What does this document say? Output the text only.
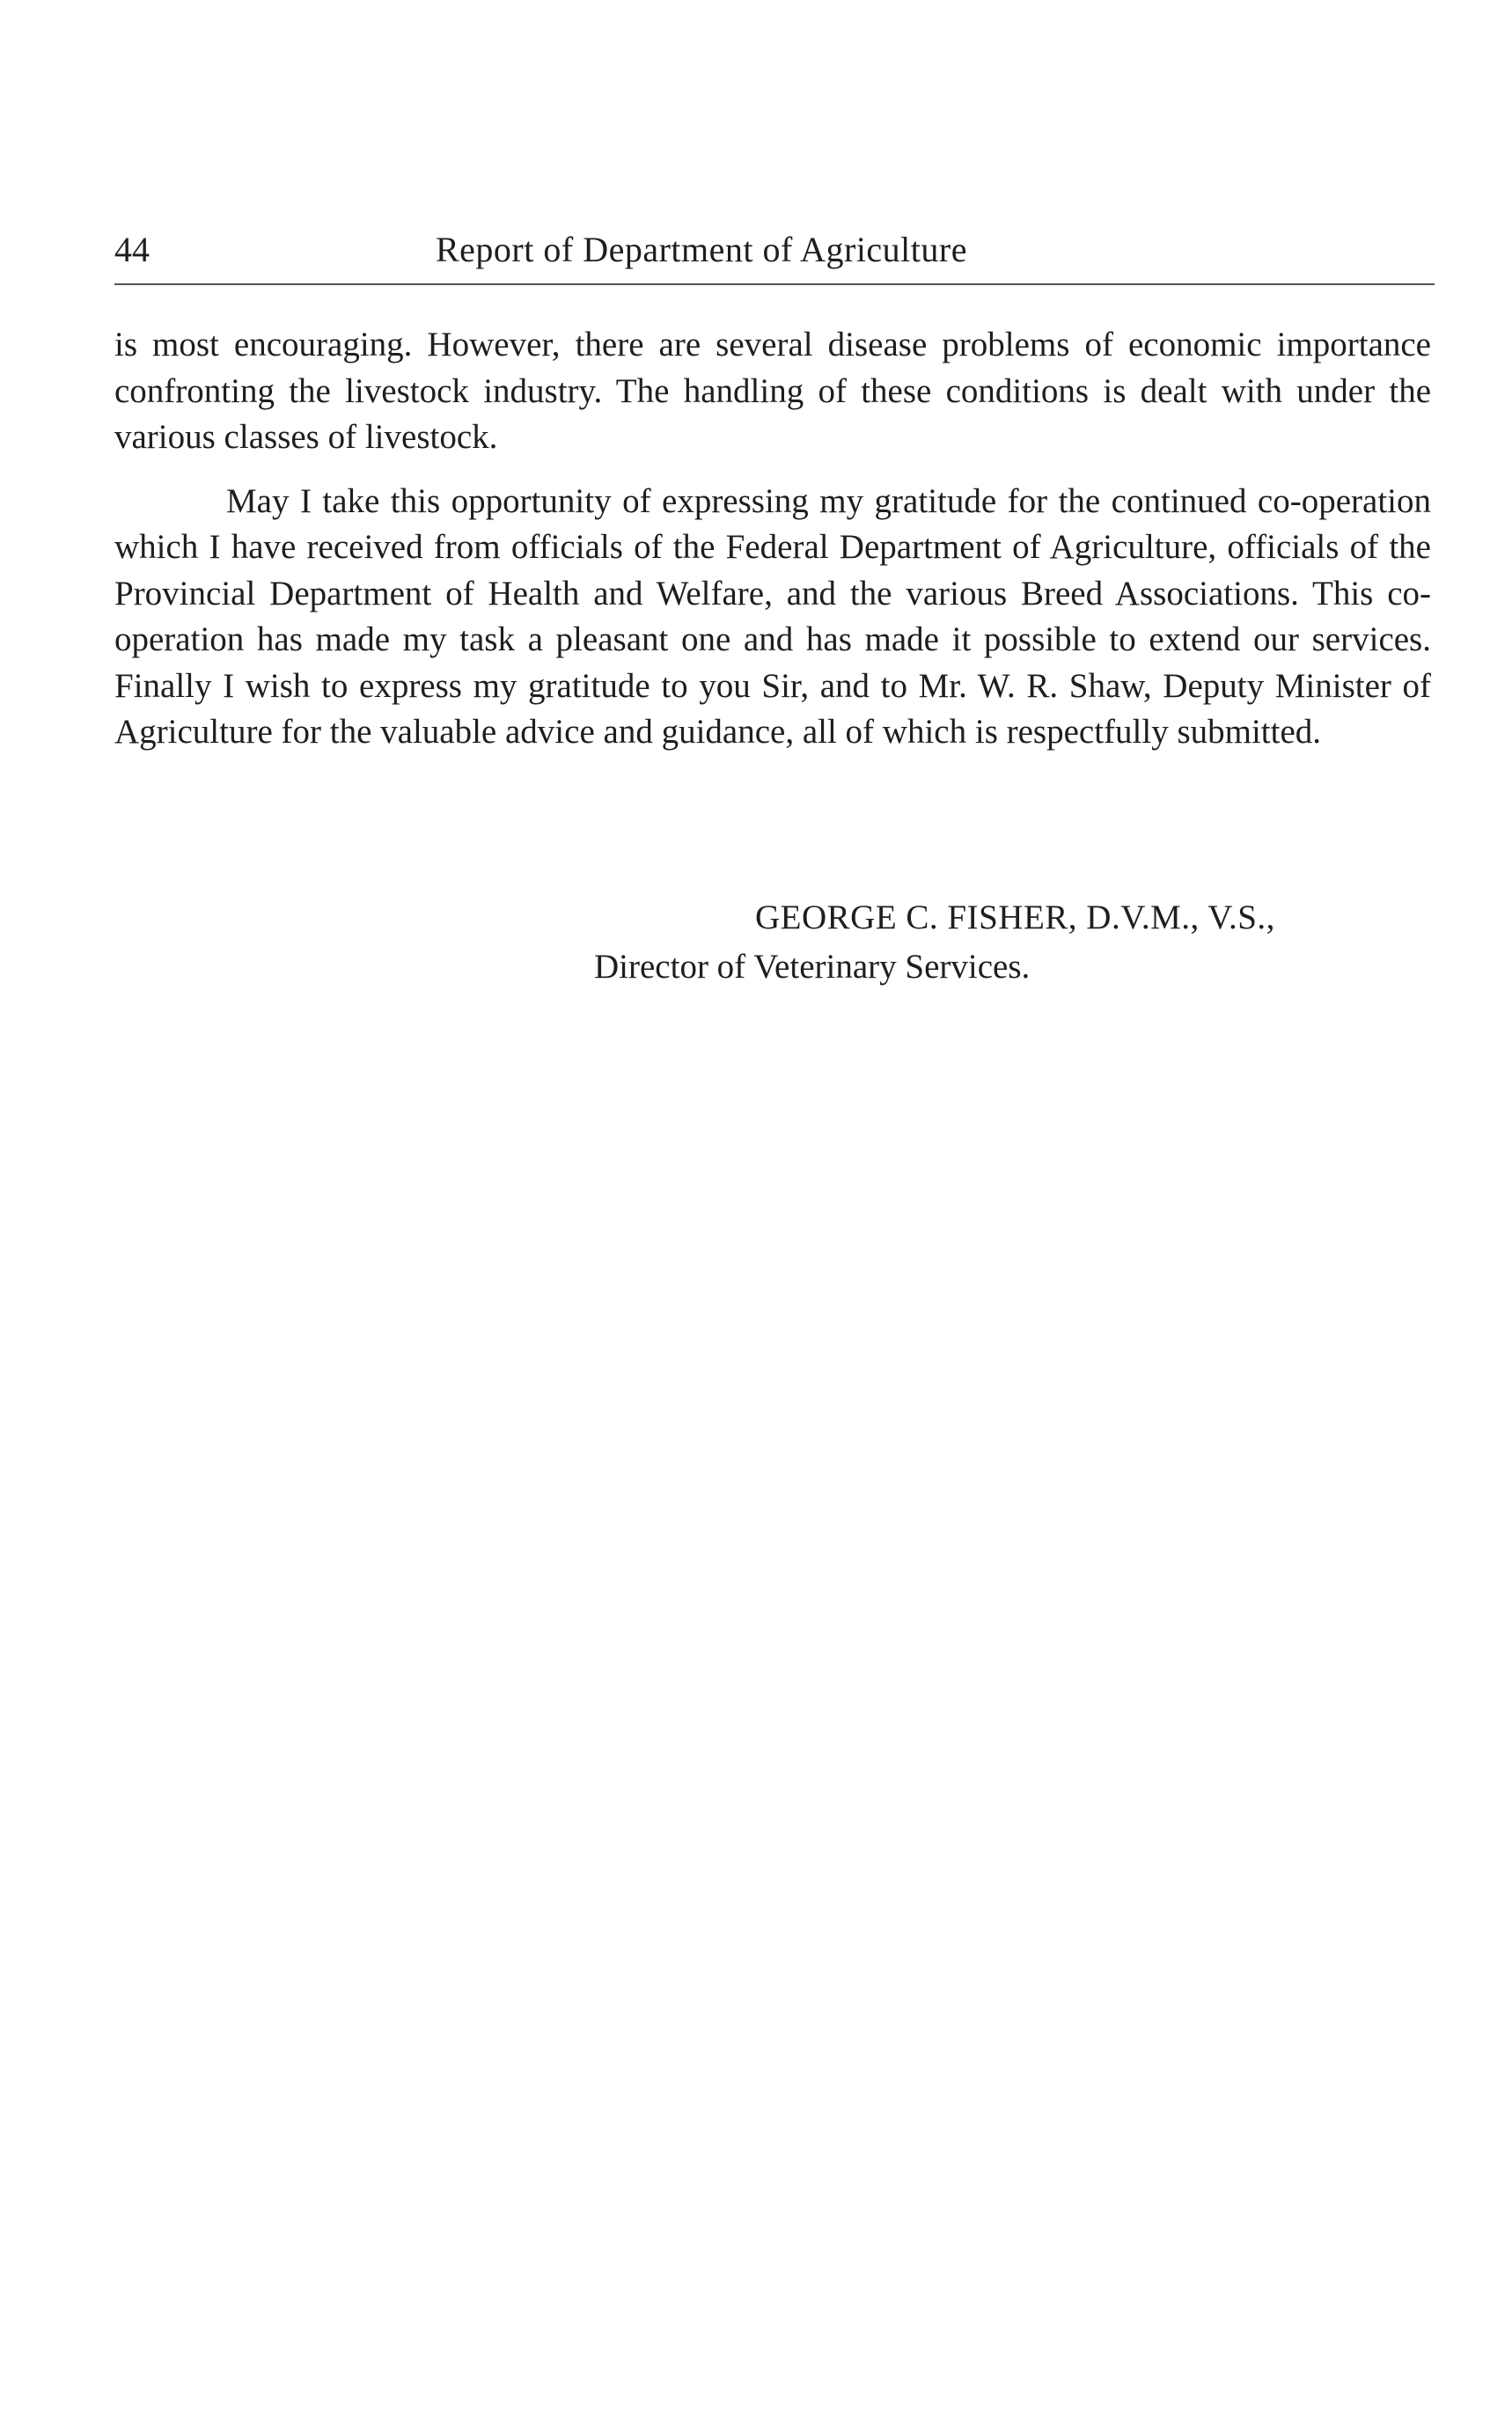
44	Report of Department of Agriculture

is most encouraging. However, there are several disease problems of economic importance confronting the livestock industry. The handling of these conditions is dealt with under the various classes of livestock.

May I take this opportunity of expressing my gratitude for the continued co-operation which I have received from officials of the Federal Department of Agriculture, officials of the Provincial Department of Health and Welfare, and the various Breed Associations. This co-operation has made my task a pleasant one and has made it possible to extend our services. Finally I wish to express my gratitude to you Sir, and to Mr. W. R. Shaw, Deputy Minister of Agriculture for the valuable advice and guidance, all of which is respectfully submitted.

GEORGE C. FISHER, D.V.M., V.S.,
Director of Veterinary Services.
